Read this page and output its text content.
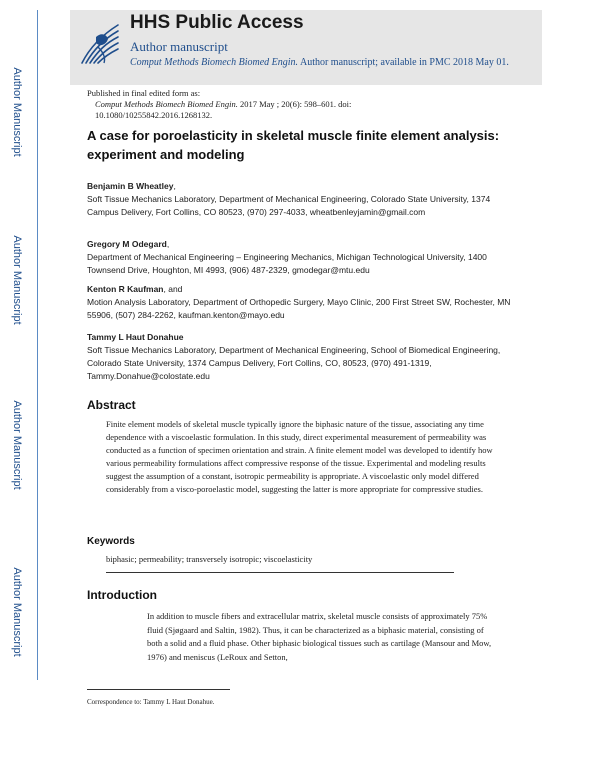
Author Manuscript
Author Manuscript
Author Manuscript
Author Manuscript
HHS Public Access
Author manuscript
Comput Methods Biomech Biomed Engin. Author manuscript; available in PMC 2018 May 01.
Published in final edited form as:
Comput Methods Biomech Biomed Engin. 2017 May ; 20(6): 598–601. doi:
10.1080/10255842.2016.1268132.
A case for poroelasticity in skeletal muscle finite element analysis: experiment and modeling
Benjamin B Wheatley,
Soft Tissue Mechanics Laboratory, Department of Mechanical Engineering, Colorado State University, 1374 Campus Delivery, Fort Collins, CO 80523, (970) 297-4033, wheatbenleyjamin@gmail.com
Gregory M Odegard,
Department of Mechanical Engineering – Engineering Mechanics, Michigan Technological University, 1400 Townsend Drive, Houghton, MI 4993, (906) 487-2329, gmodegar@mtu.edu
Kenton R Kaufman, and
Motion Analysis Laboratory, Department of Orthopedic Surgery, Mayo Clinic, 200 First Street SW, Rochester, MN 55906, (507) 284-2262, kaufman.kenton@mayo.edu
Tammy L Haut Donahue
Soft Tissue Mechanics Laboratory, Department of Mechanical Engineering, School of Biomedical Engineering, Colorado State University, 1374 Campus Delivery, Fort Collins, CO, 80523, (970) 491-1319, Tammy.Donahue@colostate.edu
Abstract
Finite element models of skeletal muscle typically ignore the biphasic nature of the tissue, associating any time dependence with a viscoelastic formulation. In this study, direct experimental measurement of permeability was conducted as a function of specimen orientation and strain. A finite element model was developed to identify how various permeability formulations affect compressive response of the tissue. Experimental and modeling results suggest the assumption of a constant, isotropic permeability is appropriate. A viscoelastic only model differed considerably from a visco-poroelastic model, suggesting the latter is more appropriate for compressive studies.
Keywords
biphasic; permeability; transversely isotropic; viscoelasticity
Introduction
In addition to muscle fibers and extracellular matrix, skeletal muscle consists of approximately 75% fluid (Sjøgaard and Saltin, 1982). Thus, it can be characterized as a biphasic material, consisting of both a solid and a fluid phase. Other biphasic biological tissues such as cartilage (Mansour and Mow, 1976) and meniscus (LeRoux and Setton,
Correspondence to: Tammy L Haut Donahue.
